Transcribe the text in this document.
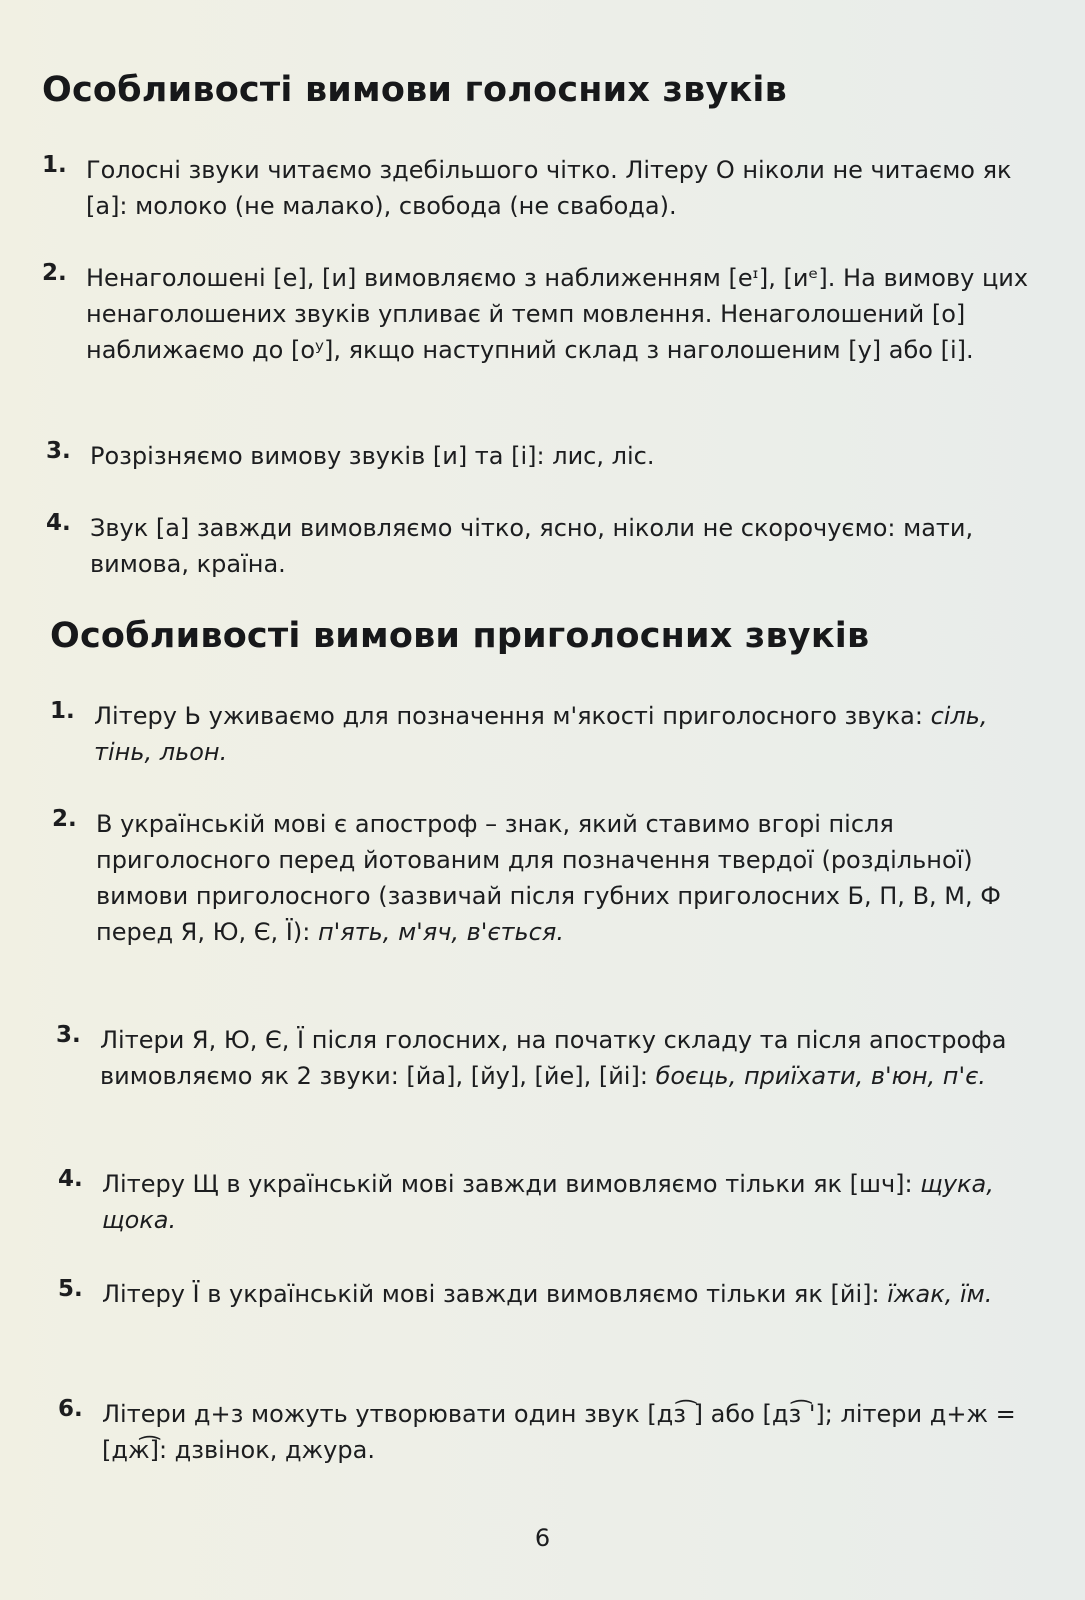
Особливості вимови голосних звуків
1. Голосні звуки читаємо здебільшого чітко. Літеру О ніколи не читаємо як [а]: молоко (не малако), свобода (не свабода).
2. Ненаголошені [е], [и] вимовляємо з наближенням [еᶦ], [иᵉ]. На вимову цих ненаголошених звуків упливає й темп мовлення. Ненаголошений [о] наближаємо до [оʸ], якщо наступний склад з наголошеним [у] або [і].
3. Розрізняємо вимову звуків [и] та [і]: лис, ліс.
4. Звук [а] завжди вимовляємо чітко, ясно, ніколи не скорочуємо: мати, вимова, країна.
Особливості вимови приголосних звуків
1. Літеру Ь уживаємо для позначення м'якості приголосного звука: сіль, тінь, льон.
2. В українській мові є апостроф – знак, який ставимо вгорі після приголосного перед йотованим для позначення твердої (роздільної) вимови приголосного (зазвичай після губних приголосних Б, П, В, М, Ф перед Я, Ю, Є, Ї): п'ять, м'яч, в'ється.
3. Літери Я, Ю, Є, Ї після голосних, на початку складу та після апострофа вимовляємо як 2 звуки: [йа], [йу], [йе], [йі]: боєць, приїхати, в'юн, п'є.
4. Літеру Щ в українській мові завжди вимовляємо тільки як [шч]: щука, щока.
5. Літеру Ї в українській мові завжди вимовляємо тільки як [йі]: їжак, їм.
6. Літери д+з можуть утворювати один звук [дз͡ ] або [дз͡ ']; літери д+ж = [дж͡]: дзвінок, джура.
6
